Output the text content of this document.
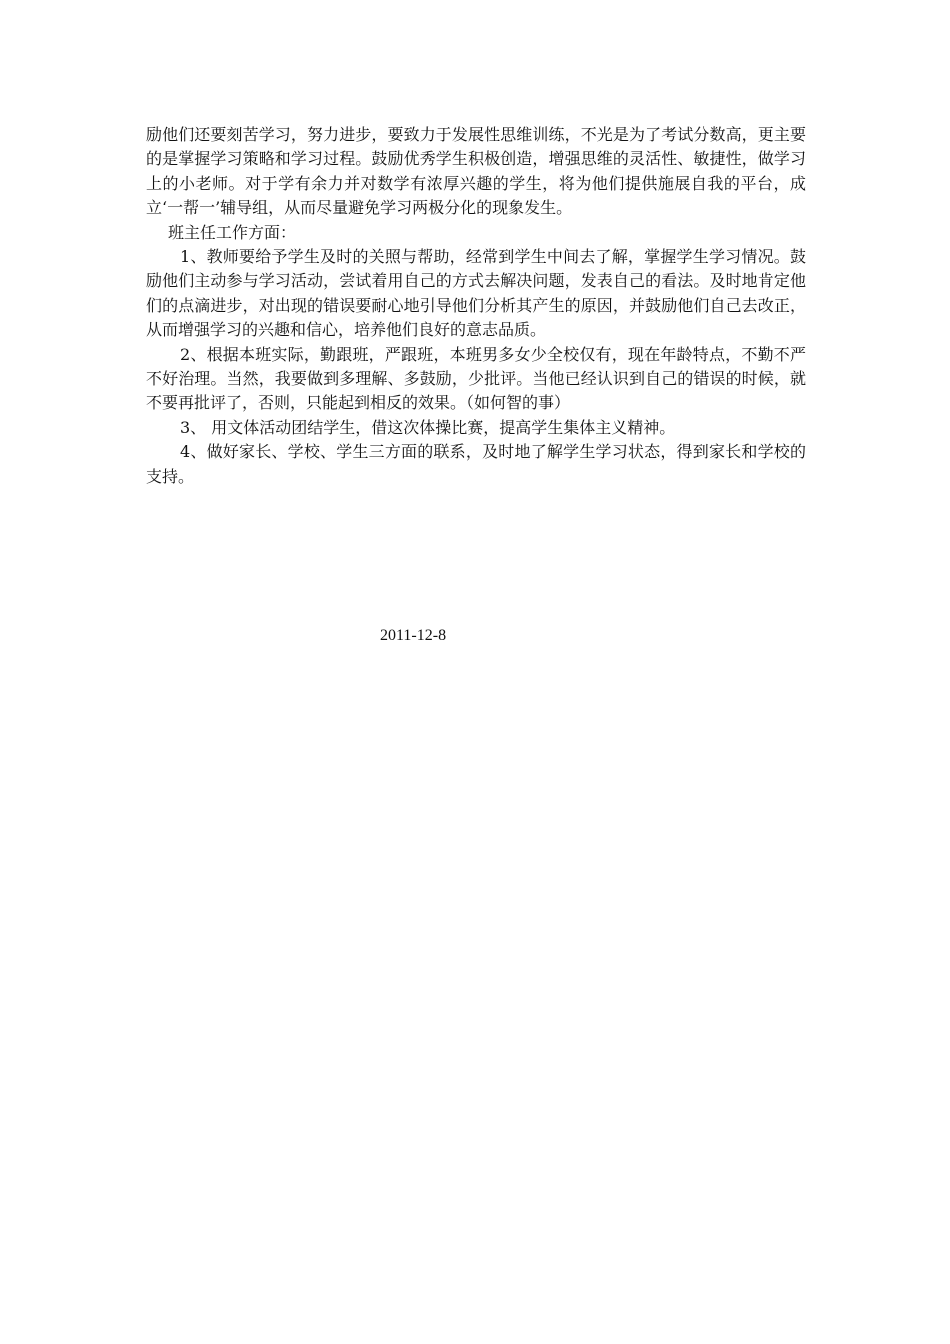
励他们还要刻苦学习，努力进步，要致力于发展性思维训练，不光是为了考试分数高，更主要的是掌握学习策略和学习过程。鼓励优秀学生积极创造，增强思维的灵活性、敏捷性，做学习上的小老师。对于学有余力并对数学有浓厚兴趣的学生，将为他们提供施展自我的平台，成立‘一帮一’辅导组，从而尽量避免学习两极分化的现象发生。

班主任工作方面：

1、教师要给予学生及时的关照与帮助，经常到学生中间去了解，掌握学生学习情况。鼓励他们主动参与学习活动，尝试着用自己的方式去解决问题，发表自己的看法。及时地肯定他们的点滴进步，对出现的错误要耐心地引导他们分析其产生的原因，并鼓励他们自己去改正，从而增强学习的兴趣和信心，培养他们良好的意志品质。

2、根据本班实际，勤跟班，严跟班，本班男多女少全校仅有，现在年龄特点，不勤不严不好治理。当然，我要做到多理解、多鼓励，少批评。当他已经认识到自己的错误的时候，就不要再批评了，否则，只能起到相反的效果。（如何智的事）

3、 用文体活动团结学生，借这次体操比赛，提高学生集体主义精神。

4、做好家长、学校、学生三方面的联系，及时地了解学生学习状态，得到家长和学校的支持。

2011-12-8
